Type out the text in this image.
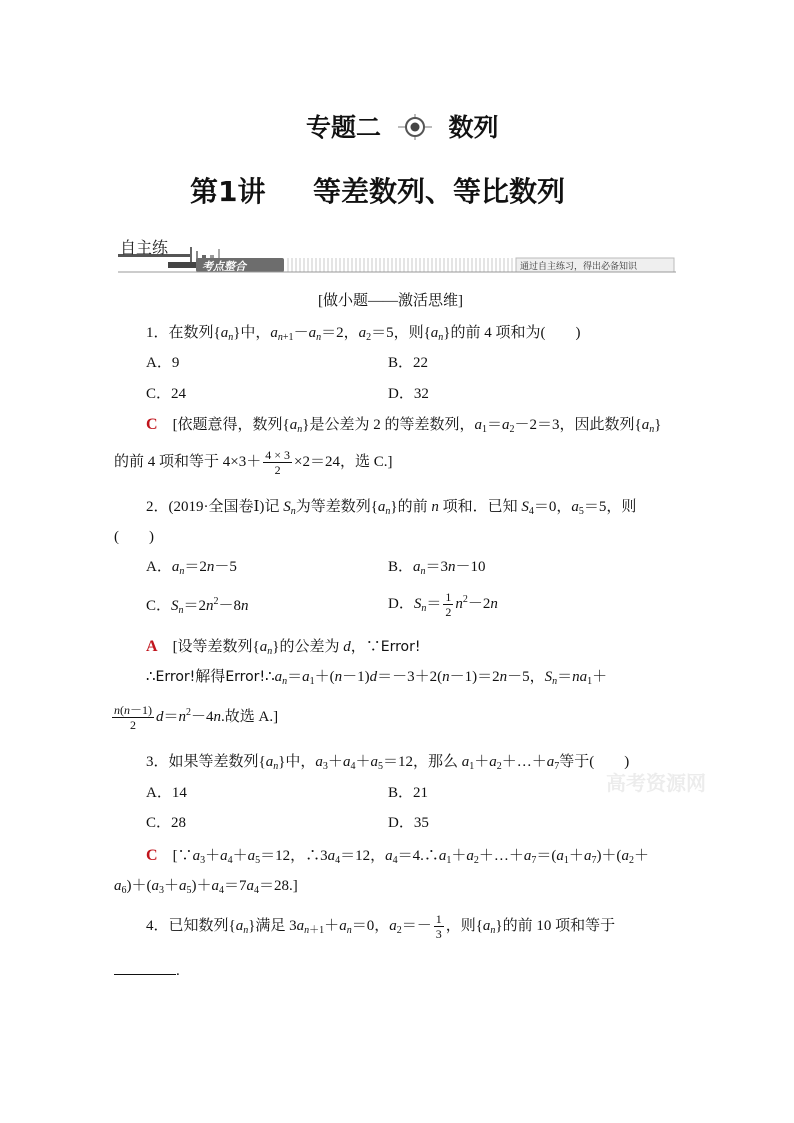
专题二	数列
第1讲 等差数列、等比数列
自主练
考点整合	通过自主练习，得出必备知识
[做小题——激活思维]
1．在数列$\{a_n\}$中，$a_{n+1}-a_n=2$，$a_2=5$，则$\{a_n\}$的前 4 项和为(　　)
A．9	B．22
C．24	D．32
C　[依题意得，数列$\{a_n\}$是公差为 2 的等差数列，$a_1=a_2-2=3$，因此数列$\{a_n\}$
的前 4 项和等于 $4\times 3+ \frac{4 \times 3}{2} \times 2=24$，选 C.]
2．(2019·全国卷Ⅰ)记 $S_n$为等差数列$\{a_n\}$的前 n 项和．已知 $S_4=0$，$a_5=5$，则
(　　)
A．$a_n=2n-5$	B．$a_n=3n-10$
C．$S_n=2n^2-8n$	D．$S_n= \frac{1}{2} n^2-2n$
A　[设等差数列$\{a_n\}$的公差为 d，∵Error!
∴Error!解得$Error!\therefore a_n=a_1+(n-1)d=-3+2(n-1)=2n-5$，$S_n=na_1+$
$\frac{n(n-1)}{2} d=n^2-4n$.故选 A.]
3．如果等差数列$\{a_n\}$中，$a_3+a_4+a_5=12$，那么 $a_1+a_2+\dots+a_7$等于(　　)
高考资源网
A．14	B．21
C．28	D．35
C　[$\because a_3+a_4+a_5=12$，$\therefore 3a_4=12$，$a_4=4.\therefore a_1+a_2+\dots+a_7=(a_1+a_7)+(a_2+$
$a_6)+(a_3+a_5)+a_4=7a_4=28$.]
4．已知数列$\{a_n\}$满足 $3a_{n+1}+a_n=0$，$a_2=- \frac{1}{3}$ ，则$\{a_n\}$的前 10 项和等于
.
